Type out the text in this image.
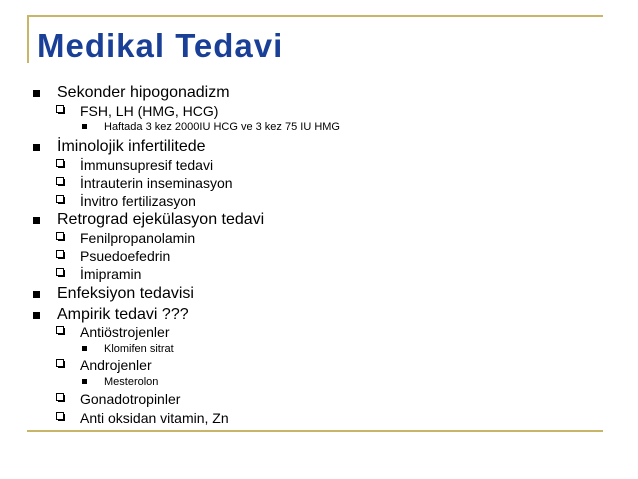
Medikal Tedavi
Sekonder hipogonadizm
FSH, LH (HMG, HCG)
Haftada 3 kez 2000IU HCG ve 3 kez 75 IU HMG
İminolojik infertilitede
İmmunsupresif tedavi
İntrauterin inseminasyon
İnvitro fertilizasyon
Retrograd ejekülasyon tedavi
Fenilpropanolamin
Psuedoefedrin
İmipramin
Enfeksiyon tedavisi
Ampirik tedavi ???
Antiöstrojenler
Klomifen sitrat
Androjenler
Mesterolon
Gonadotropinler
Anti oksidan vitamin, Zn
